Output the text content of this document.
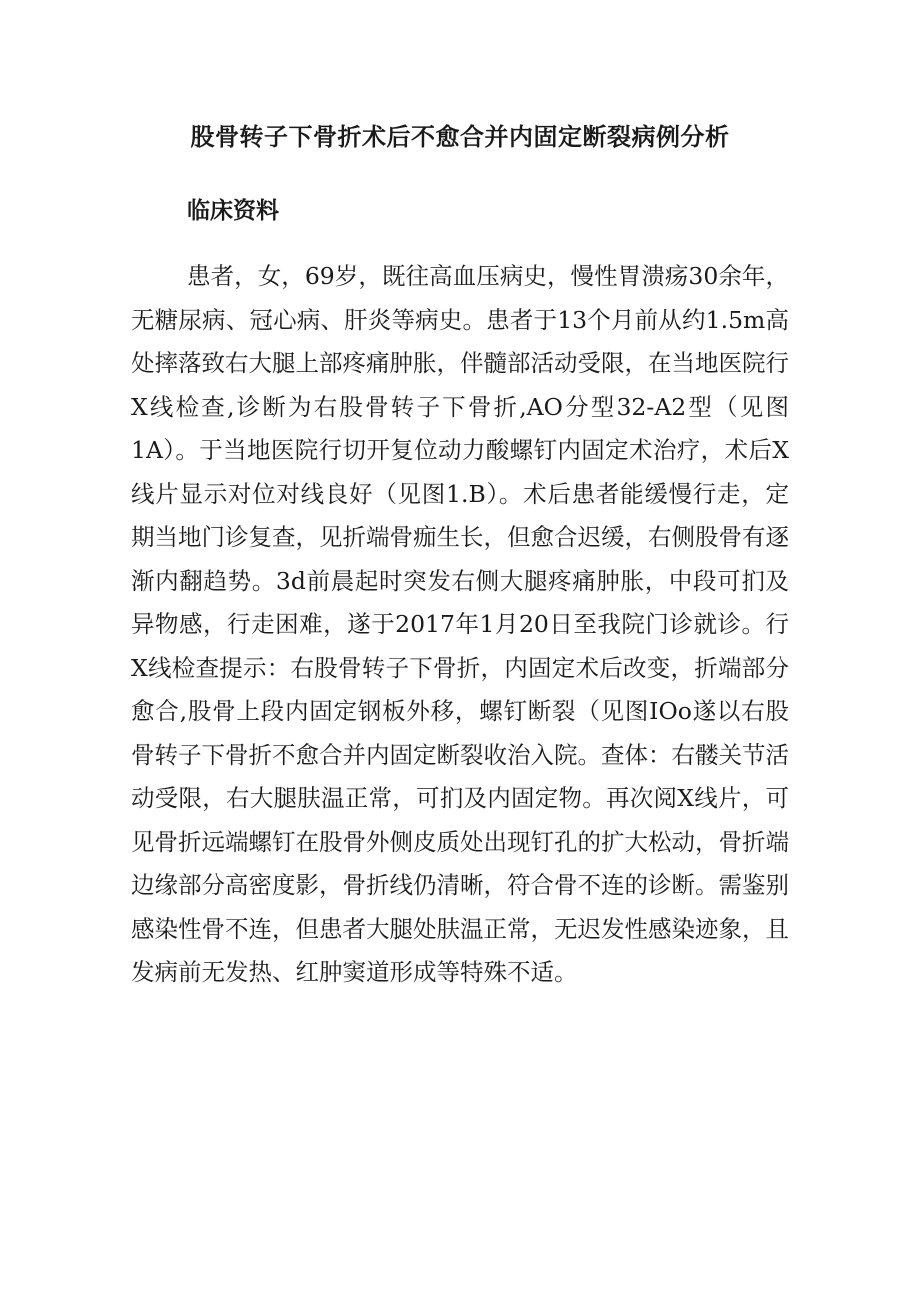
股骨转子下骨折术后不愈合并内固定断裂病例分析
临床资料

患者，女，69岁，既往高血压病史，慢性胃溃疡30余年，无糖尿病、冠心病、肝炎等病史。患者于13个月前从约1.5m高处摔落致右大腿上部疼痛肿胀，伴髓部活动受限，在当地医院行X线检查,诊断为右股骨转子下骨折,AO分型32-A2型（见图1A）。于当地医院行切开复位动力酸螺钉内固定术治疗，术后X线片显示对位对线良好（见图1.B）。术后患者能缓慢行走，定期当地门诊复查，见折端骨痂生长，但愈合迟缓，右侧股骨有逐渐内翻趋势。3d前晨起时突发右侧大腿疼痛肿胀，中段可扪及异物感，行走困难，遂于2017年1月20日至我院门诊就诊。行X线检查提示：右股骨转子下骨折，内固定术后改变，折端部分愈合,股骨上段内固定钢板外移，螺钉断裂（见图IOo遂以右股骨转子下骨折不愈合并内固定断裂收治入院。查体：右髅关节活动受限，右大腿肤温正常，可扪及内固定物。再次阅X线片，可见骨折远端螺钉在股骨外侧皮质处出现钉孔的扩大松动，骨折端边缘部分高密度影，骨折线仍清晰，符合骨不连的诊断。需鉴别感染性骨不连，但患者大腿处肤温正常，无迟发性感染迹象，且发病前无发热、红肿窦道形成等特殊不适。
